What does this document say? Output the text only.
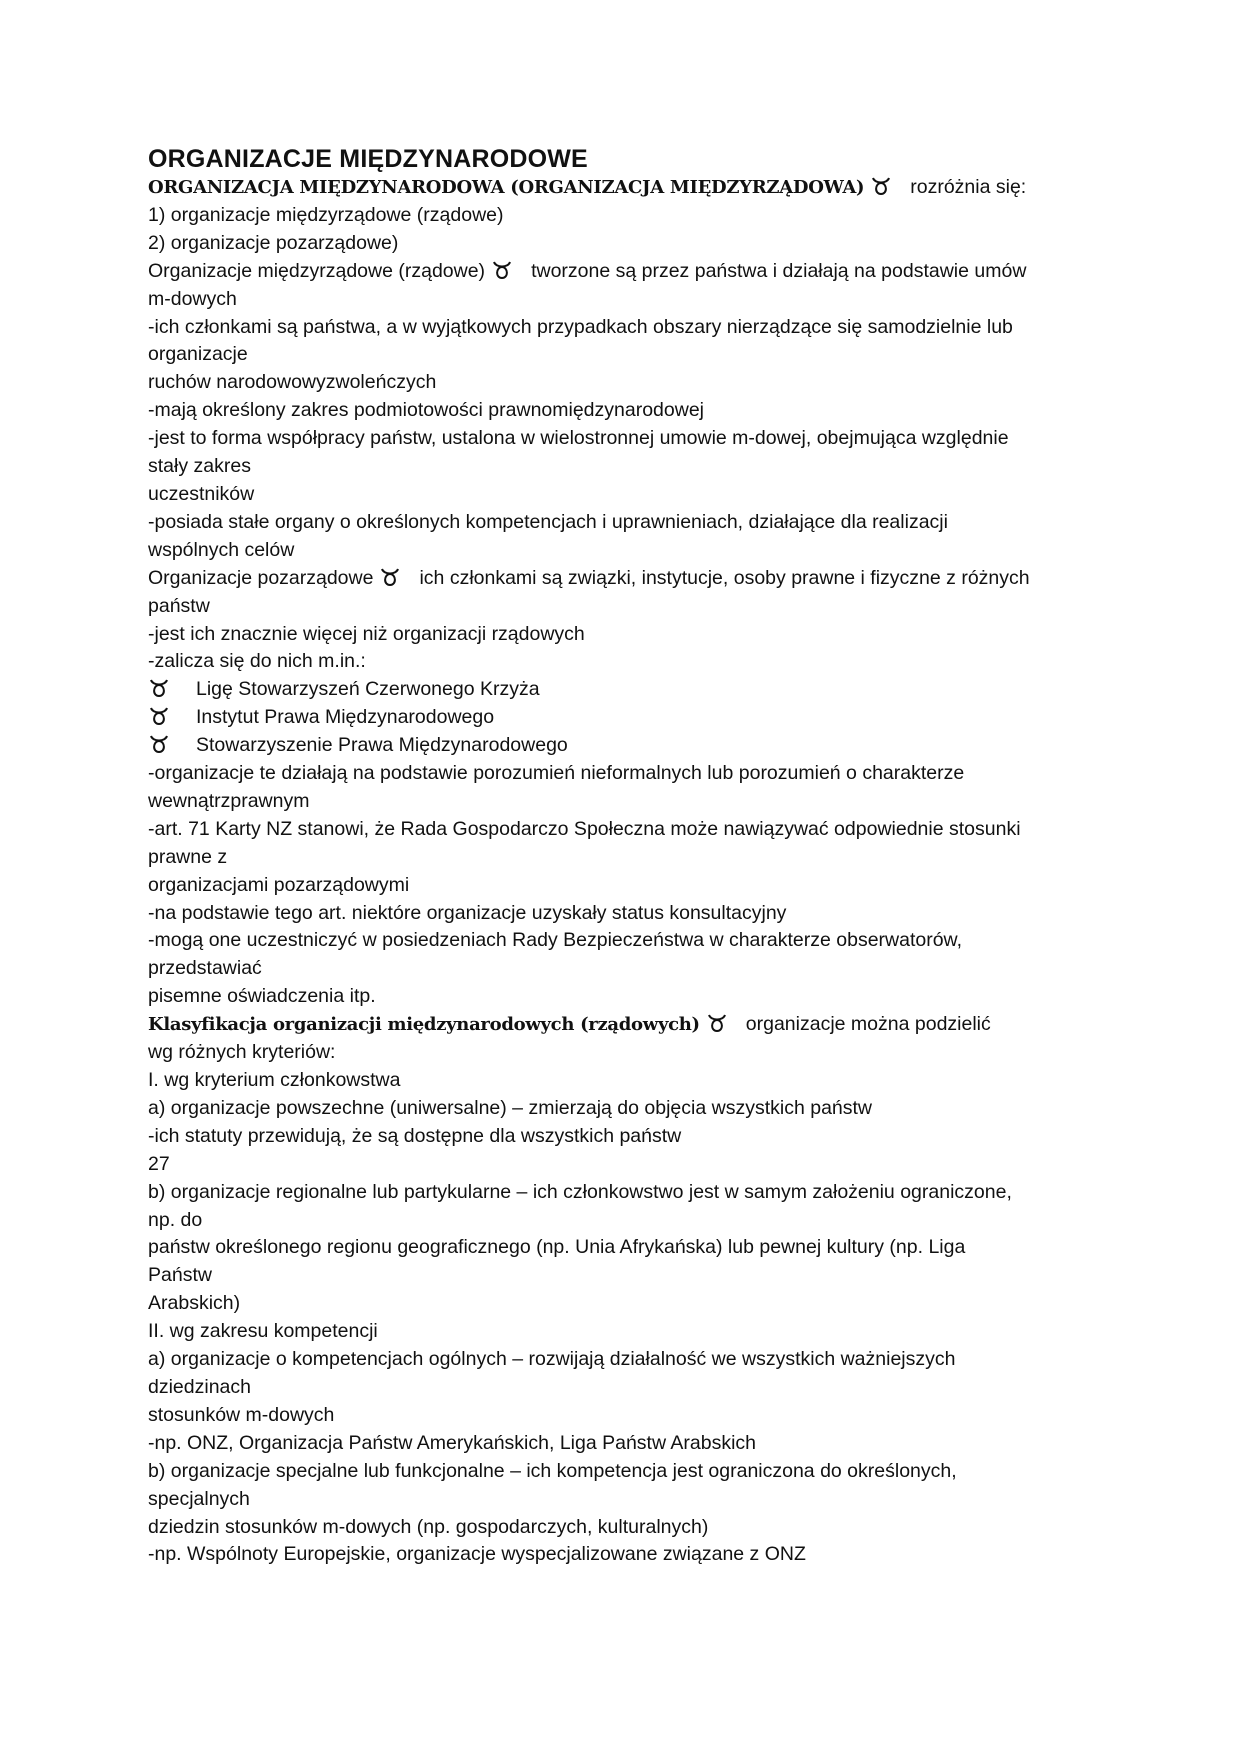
ORGANIZACJE MIĘDZYNARODOWE
ORGANIZACJA MIĘDZYNARODOWA (ORGANIZACJA MIĘDZYRZĄDOWA) rozróżnia się:
1) organizacje międzyrządowe (rządowe)
2) organizacje pozarządowe)
Organizacje międzyrządowe (rządowe) tworzone są przez państwa i działają na podstawie umów
m-dowych
-ich członkami są państwa, a w wyjątkowych przypadkach obszary nierządzące się samodzielnie lub
organizacje
ruchów narodowowyzwoleńczych
-mają określony zakres podmiotowości prawnomiędzynarodowej
-jest to forma współpracy państw, ustalona w wielostronnej umowie m-dowej, obejmująca względnie
stały zakres
uczestników
-posiada stałe organy o określonych kompetencjach i uprawnieniach, działające dla realizacji
wspólnych celów
Organizacje pozarządowe ich członkami są związki, instytucje, osoby prawne i fizyczne z różnych
państw
-jest ich znacznie więcej niż organizacji rządowych
-zalicza się do nich m.in.:
Ligę Stowarzyszeń Czerwonego Krzyża
Instytut Prawa Międzynarodowego
Stowarzyszenie Prawa Międzynarodowego
-organizacje te działają na podstawie porozumień nieformalnych lub porozumień o charakterze
wewnątrzprawnym
-art. 71 Karty NZ stanowi, że Rada Gospodarczo Społeczna może nawiązywać odpowiednie stosunki
prawne z
organizacjami pozarządowymi
-na podstawie tego art. niektóre organizacje uzyskały status konsultacyjny
-mogą one uczestniczyć w posiedzeniach Rady Bezpieczeństwa w charakterze obserwatorów,
przedstawiać
pisemne oświadczenia itp.
Klasyfikacja organizacji międzynarodowych (rządowych) organizacje można podzielić
wg różnych kryteriów:
I. wg kryterium członkowstwa
a) organizacje powszechne (uniwersalne) – zmierzają do objęcia wszystkich państw
-ich statuty przewidują, że są dostępne dla wszystkich państw
27
b) organizacje regionalne lub partykularne – ich członkowstwo jest w samym założeniu ograniczone,
np. do
państw określonego regionu geograficznego (np. Unia Afrykańska) lub pewnej kultury (np. Liga
Państw
Arabskich)
II. wg zakresu kompetencji
a) organizacje o kompetencjach ogólnych – rozwijają działalność we wszystkich ważniejszych
dziedzinach
stosunków m-dowych
-np. ONZ, Organizacja Państw Amerykańskich, Liga Państw Arabskich
b) organizacje specjalne lub funkcjonalne – ich kompetencja jest ograniczona do określonych,
specjalnych
dziedzin stosunków m-dowych (np. gospodarczych, kulturalnych)
-np. Wspólnoty Europejskie, organizacje wyspecjalizowane związane z ONZ
